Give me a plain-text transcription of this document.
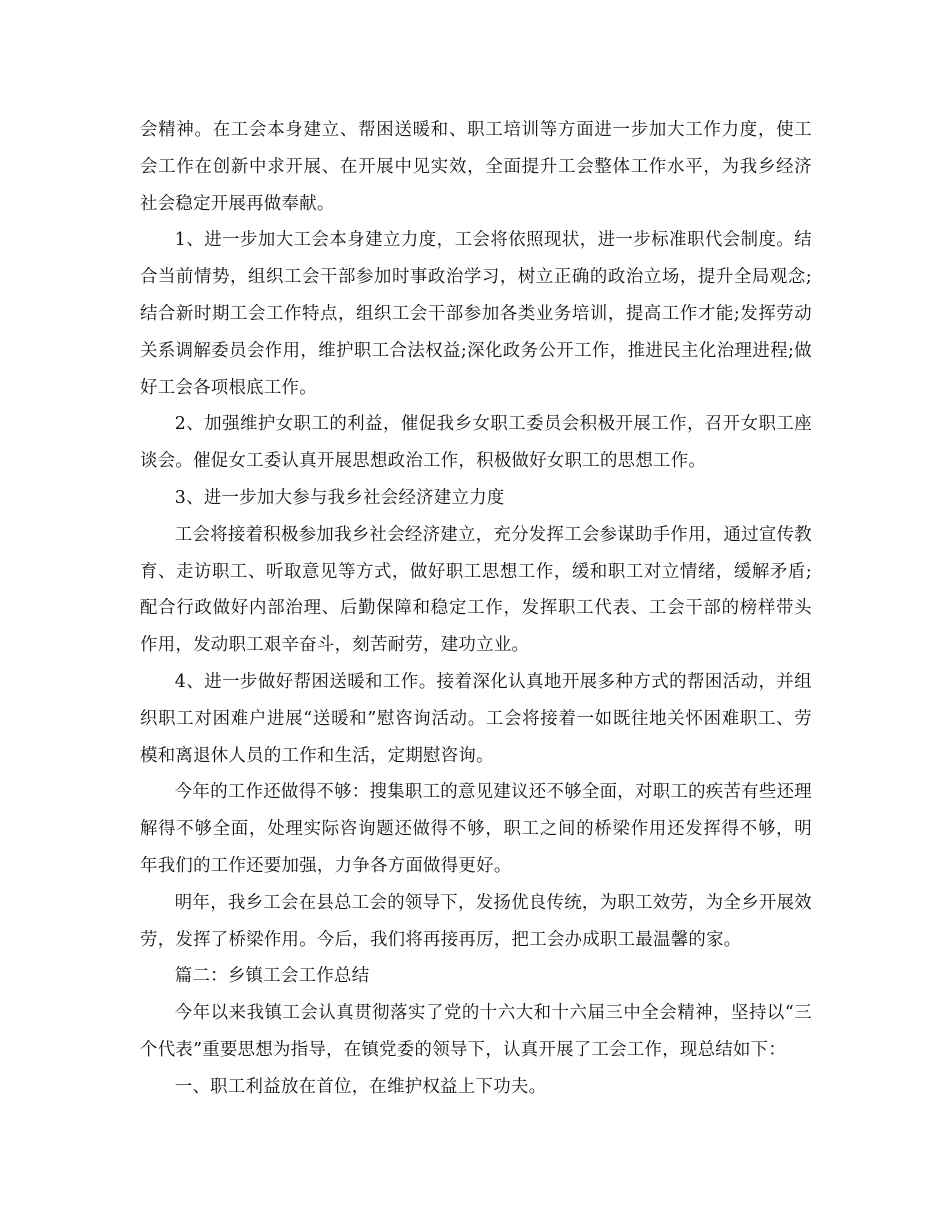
会精神。在工会本身建立、帮困送暖和、职工培训等方面进一步加大工作力度，使工会工作在创新中求开展、在开展中见实效，全面提升工会整体工作水平，为我乡经济社会稳定开展再做奉献。

1、进一步加大工会本身建立力度，工会将依照现状，进一步标准职代会制度。结合当前情势，组织工会干部参加时事政治学习，树立正确的政治立场，提升全局观念;结合新时期工会工作特点，组织工会干部参加各类业务培训，提高工作才能;发挥劳动关系调解委员会作用，维护职工合法权益;深化政务公开工作，推进民主化治理进程;做好工会各项根底工作。

2、加强维护女职工的利益，催促我乡女职工委员会积极开展工作，召开女职工座谈会。催促女工委认真开展思想政治工作，积极做好女职工的思想工作。

3、进一步加大参与我乡社会经济建立力度

工会将接着积极参加我乡社会经济建立，充分发挥工会参谋助手作用，通过宣传教育、走访职工、听取意见等方式，做好职工思想工作，缓和职工对立情绪，缓解矛盾;配合行政做好内部治理、后勤保障和稳定工作，发挥职工代表、工会干部的榜样带头作用，发动职工艰辛奋斗，刻苦耐劳，建功立业。

4、进一步做好帮困送暖和工作。接着深化认真地开展多种方式的帮困活动，并组织职工对困难户进展“送暖和”慰咨询活动。工会将接着一如既往地关怀困难职工、劳模和离退休人员的工作和生活，定期慰咨询。

今年的工作还做得不够：搜集职工的意见建议还不够全面，对职工的疾苦有些还理解得不够全面，处理实际咨询题还做得不够，职工之间的桥梁作用还发挥得不够，明年我们的工作还要加强，力争各方面做得更好。

明年，我乡工会在县总工会的领导下，发扬优良传统，为职工效劳，为全乡开展效劳，发挥了桥梁作用。今后，我们将再接再厉，把工会办成职工最温馨的家。

篇二：乡镇工会工作总结

今年以来我镇工会认真贯彻落实了党的十六大和十六届三中全会精神，坚持以“三个代表”重要思想为指导，在镇党委的领导下，认真开展了工会工作，现总结如下：

一、职工利益放在首位，在维护权益上下功夫。
